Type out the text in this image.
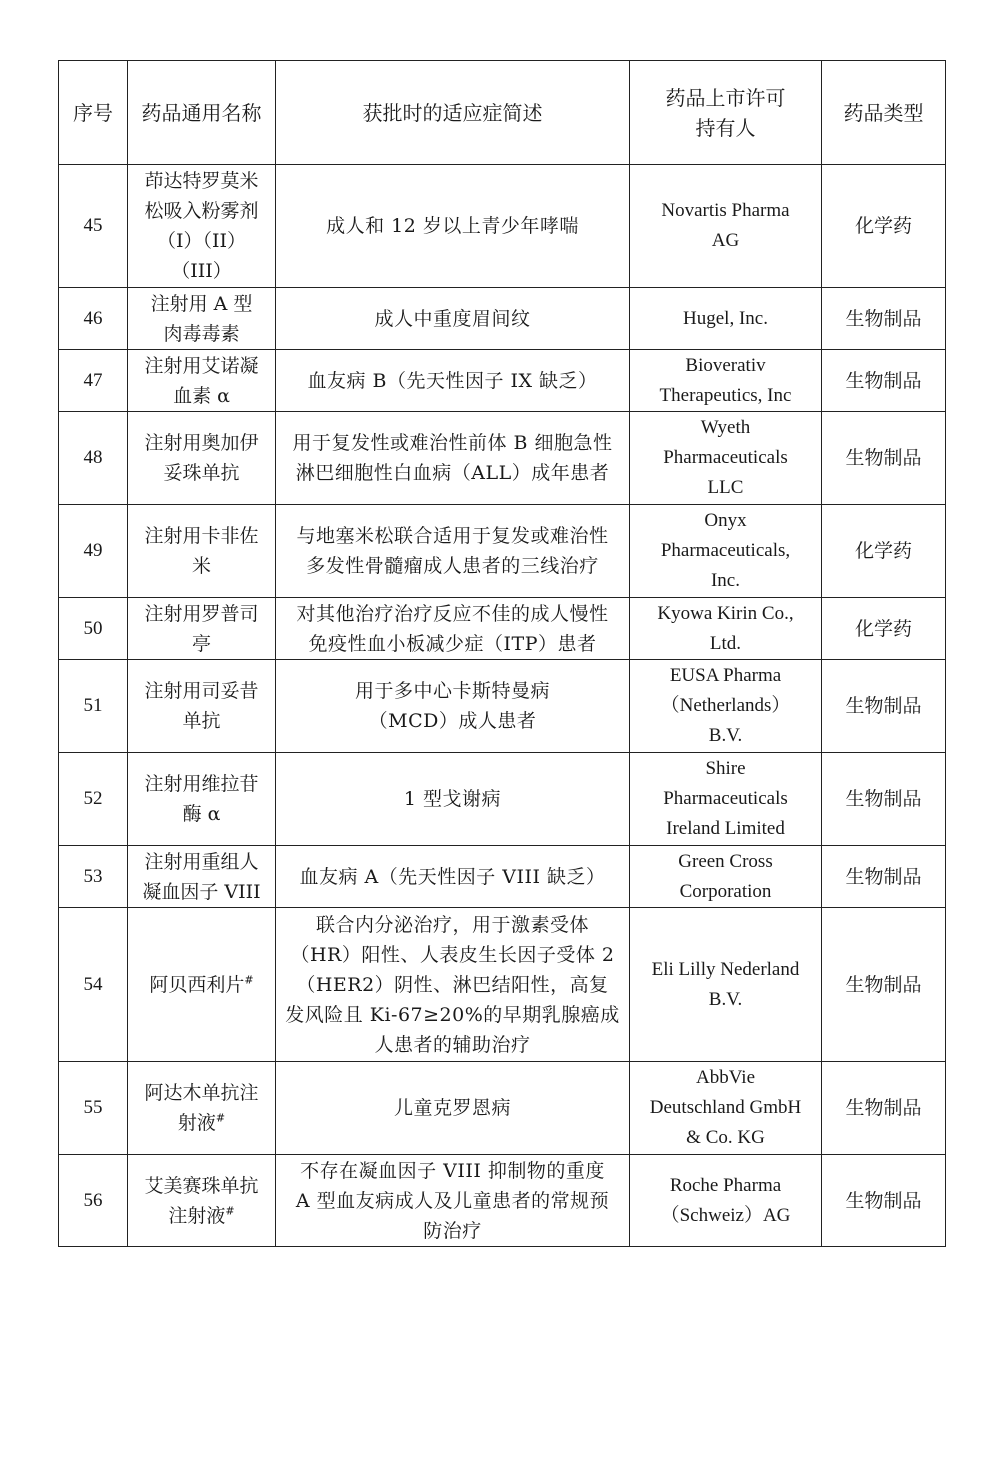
序号	药品通用名称	获批时的适应症简述	药品上市许可
持有人	药品类型
45	茚达特罗莫米
松吸入粉雾剂
（I）（II）
（III）	成人和 12 岁以上青少年哮喘	Novartis Pharma
AG	化学药
46	注射用 A 型
肉毒毒素	成人中重度眉间纹	Hugel, Inc.	生物制品
47	注射用艾诺凝
血素 α	血友病 B（先天性因子 IX 缺乏）	Bioverativ
Therapeutics, Inc	生物制品
48	注射用奥加伊
妥珠单抗	用于复发性或难治性前体 B 细胞急性
淋巴细胞性白血病（ALL）成年患者	Wyeth
Pharmaceuticals
LLC	生物制品
49	注射用卡非佐
米	与地塞米松联合适用于复发或难治性
多发性骨髓瘤成人患者的三线治疗	Onyx
Pharmaceuticals,
Inc.	化学药
50	注射用罗普司
亭	对其他治疗治疗反应不佳的成人慢性
免疫性血小板减少症（ITP）患者	Kyowa Kirin Co.,
Ltd.	化学药
51	注射用司妥昔
单抗	用于多中心卡斯特曼病
（MCD）成人患者	EUSA Pharma
（Netherlands）
B.V.	生物制品
52	注射用维拉苷
酶 α	1 型戈谢病	Shire
Pharmaceuticals
Ireland Limited	生物制品
53	注射用重组人
凝血因子 VIII	血友病 A（先天性因子 VIII 缺乏）	Green Cross
Corporation	生物制品
54	阿贝西利片#	联合内分泌治疗，用于激素受体
（HR）阳性、人表皮生长因子受体 2
（HER2）阴性、淋巴结阳性，高复
发风险且 Ki-67≥20%的早期乳腺癌成
人患者的辅助治疗	Eli Lilly Nederland
B.V.	生物制品
55	阿达木单抗注
射液#	儿童克罗恩病	AbbVie
Deutschland GmbH
& Co. KG	生物制品
56	艾美赛珠单抗
注射液#	不存在凝血因子 VIII 抑制物的重度
A 型血友病成人及儿童患者的常规预
防治疗	Roche Pharma
（Schweiz）AG	生物制品
